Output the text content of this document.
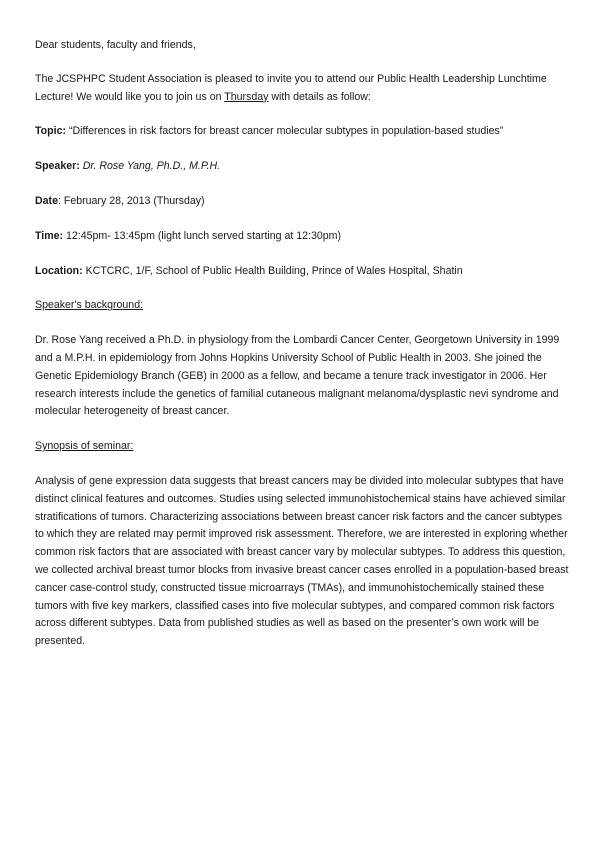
Dear students, faculty and friends,

The JCSPHPC Student Association is pleased to invite you to attend our Public Health Leadership Lunchtime Lecture! We would like you to join us on Thursday with details as follow:

Topic: “Differences in risk factors for breast cancer molecular subtypes in population-based studies”

Speaker: Dr. Rose Yang, Ph.D., M.P.H.

Date: February 28, 2013 (Thursday)

Time: 12:45pm- 13:45pm (light lunch served starting at 12:30pm)

Location: KCTCRC, 1/F, School of Public Health Building, Prince of Wales Hospital, Shatin

Speaker's background:

Dr. Rose Yang received a Ph.D. in physiology from the Lombardi Cancer Center, Georgetown University in 1999 and a M.P.H. in epidemiology from Johns Hopkins University School of Public Health in 2003. She joined the Genetic Epidemiology Branch (GEB) in 2000 as a fellow, and became a tenure track investigator in 2006. Her research interests include the genetics of familial cutaneous malignant melanoma/dysplastic nevi syndrome and molecular heterogeneity of breast cancer.

Synopsis of seminar:

Analysis of gene expression data suggests that breast cancers may be divided into molecular subtypes that have distinct clinical features and outcomes. Studies using selected immunohistochemical stains have achieved similar stratifications of tumors. Characterizing associations between breast cancer risk factors and the cancer subtypes to which they are related may permit improved risk assessment. Therefore, we are interested in exploring whether common risk factors that are associated with breast cancer vary by molecular subtypes. To address this question, we collected archival breast tumor blocks from invasive breast cancer cases enrolled in a population-based breast cancer case-control study, constructed tissue microarrays (TMAs), and immunohistochemically stained these tumors with five key markers, classified cases into five molecular subtypes, and compared common risk factors across different subtypes. Data from published studies as well as based on the presenter’s own work will be presented.
